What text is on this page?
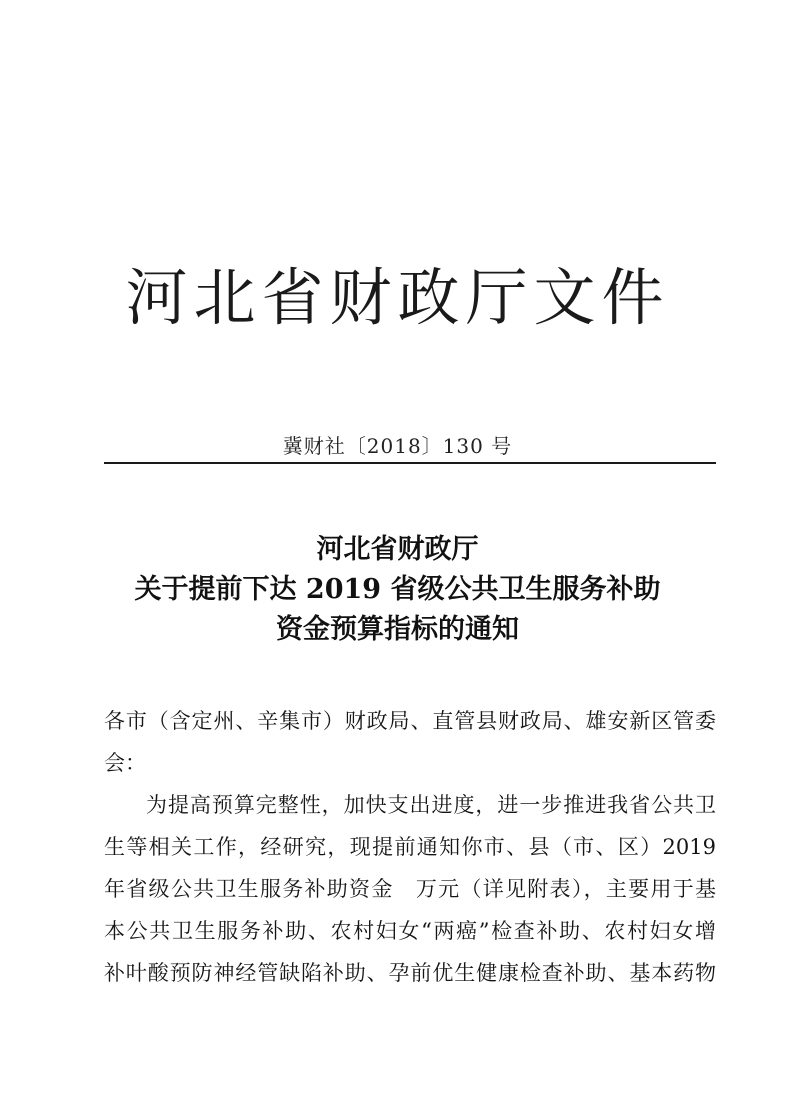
河北省财政厅文件
冀财社〔2018〕130 号
河北省财政厅
关于提前下达 2019 省级公共卫生服务补助
资金预算指标的通知

各市（含定州、辛集市）财政局、直管县财政局、雄安新区管委
会：

为提高预算完整性，加快支出进度，进一步推进我省公共卫
生等相关工作，经研究，现提前通知你市、县（市、区）2019
年省级公共卫生服务补助资金　万元（详见附表），主要用于基
本公共卫生服务补助、农村妇女“两癌”检查补助、农村妇女增
补叶酸预防神经管缺陷补助、孕前优生健康检查补助、基本药物
